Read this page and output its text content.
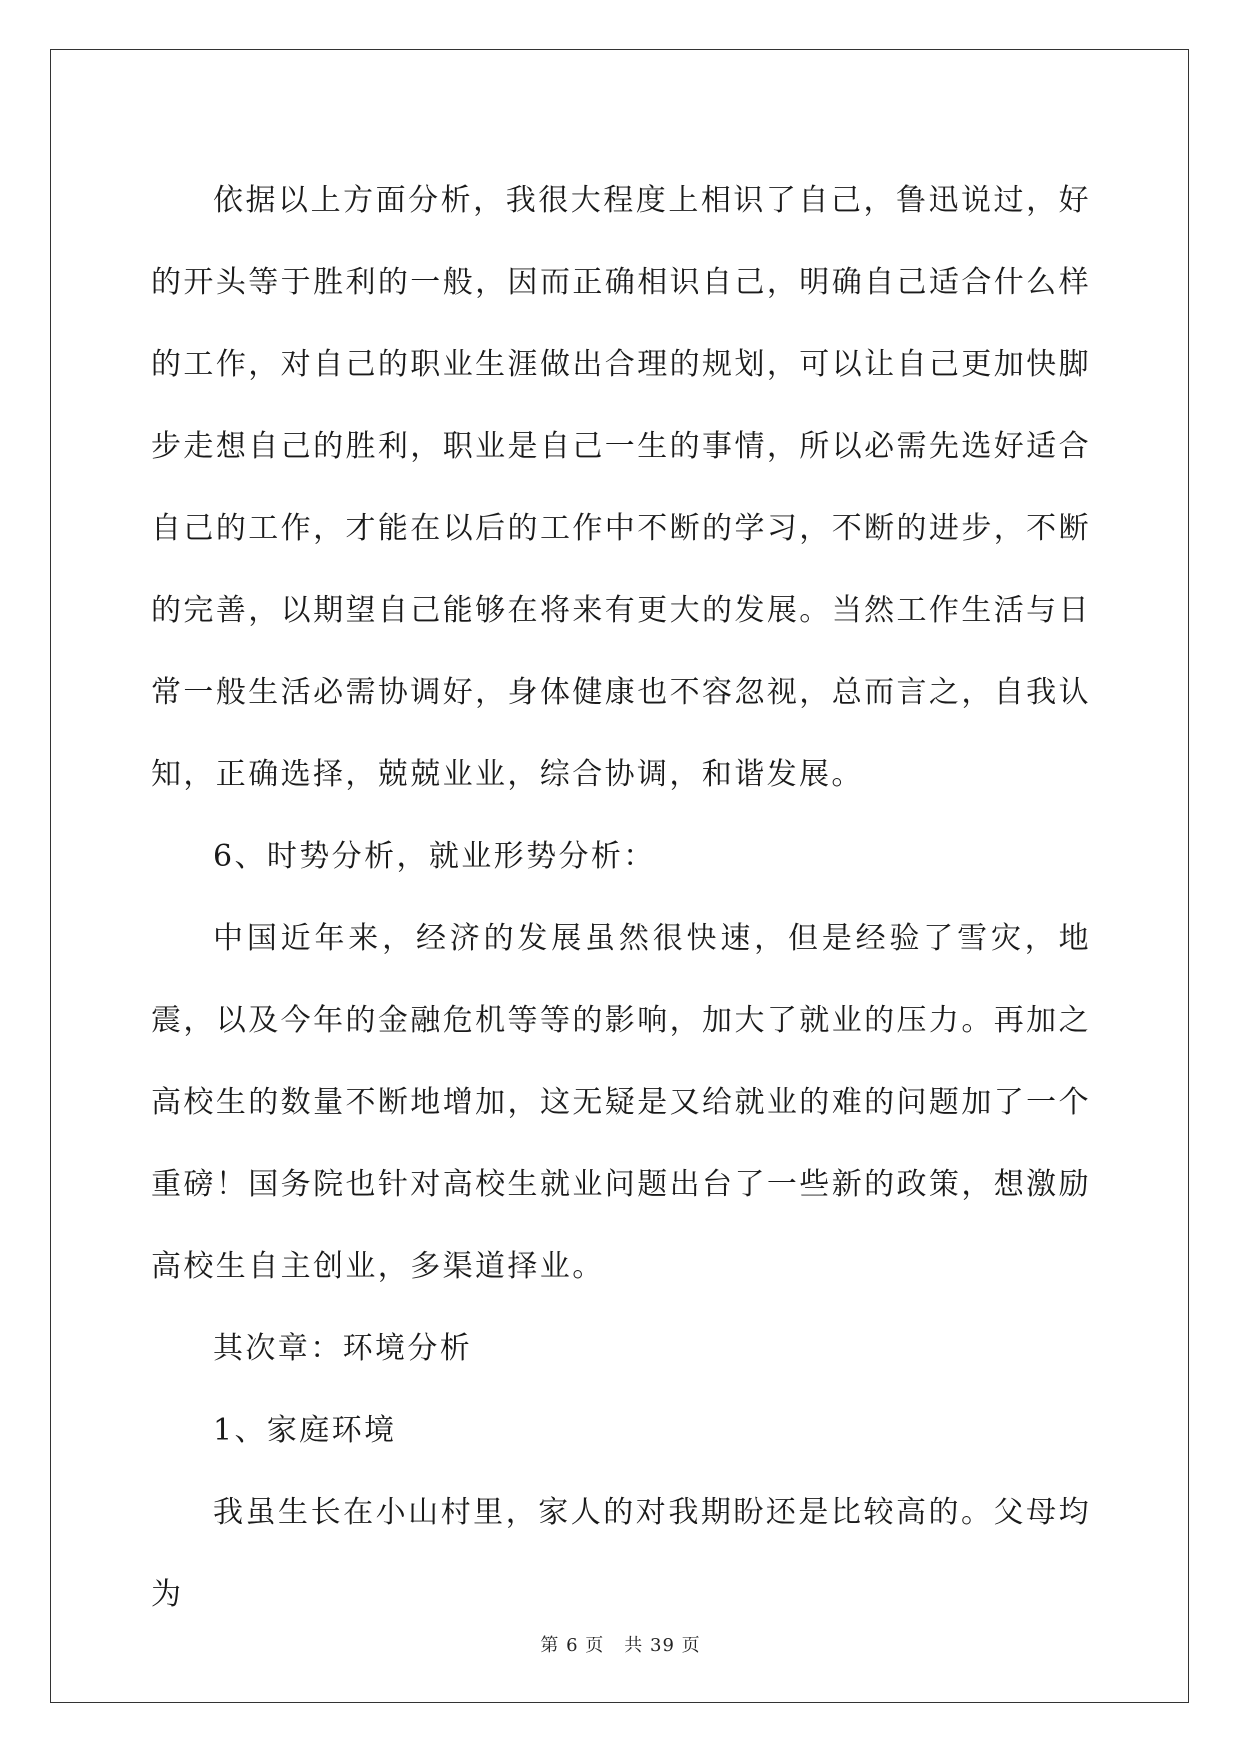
依据以上方面分析，我很大程度上相识了自己，鲁迅说过，好的开头等于胜利的一般，因而正确相识自己，明确自己适合什么样的工作，对自己的职业生涯做出合理的规划，可以让自己更加快脚步走想自己的胜利，职业是自己一生的事情，所以必需先选好适合自己的工作，才能在以后的工作中不断的学习，不断的进步，不断的完善，以期望自己能够在将来有更大的发展。当然工作生活与日常一般生活必需协调好，身体健康也不容忽视，总而言之，自我认知，正确选择，兢兢业业，综合协调，和谐发展。

6、时势分析，就业形势分析：

中国近年来，经济的发展虽然很快速，但是经验了雪灾，地震，以及今年的金融危机等等的影响，加大了就业的压力。再加之高校生的数量不断地增加，这无疑是又给就业的难的问题加了一个重磅！国务院也针对高校生就业问题出台了一些新的政策，想激励高校生自主创业，多渠道择业。

其次章：环境分析

1、家庭环境

我虽生长在小山村里，家人的对我期盼还是比较高的。父母均为

第 6 页 共 39 页
